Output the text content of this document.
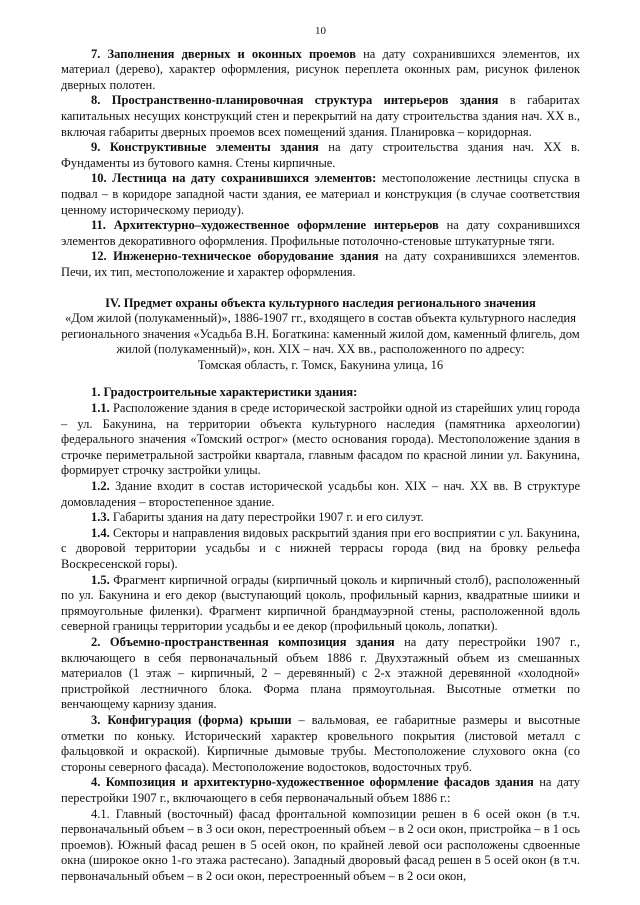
10

7. Заполнения дверных и оконных проемов на дату сохранившихся элементов, их материал (дерево), характер оформления, рисунок переплета оконных рам, рисунок филенок дверных полотен.

8. Пространственно-планировочная структура интерьеров здания в габаритах капитальных несущих конструкций стен и перекрытий на дату строительства здания нач. XX в., включая габариты дверных проемов всех помещений здания. Планировка – коридорная.

9. Конструктивные элементы здания на дату строительства здания нач. XX в. Фундаменты из бутового камня. Стены кирпичные.

10. Лестница на дату сохранившихся элементов: местоположение лестницы спуска в подвал – в коридоре западной части здания, ее материал и конструкция (в случае соответствия ценному историческому периоду).

11. Архитектурно–художественное оформление интерьеров на дату сохранившихся элементов декоративного оформления. Профильные потолочно-стеновые штукатурные тяги.

12. Инженерно-техническое оборудование здания на дату сохранившихся элементов. Печи, их тип, местоположение и характер оформления.

IV. Предмет охраны объекта культурного наследия регионального значения

«Дом жилой (полукаменный)», 1886-1907 гг., входящего в состав объекта культурного наследия регионального значения «Усадьба В.Н. Богаткина: каменный жилой дом, каменный флигель, дом жилой (полукаменный)», кон. XIX – нач. XX вв., расположенного по адресу:

Томская область, г. Томск, Бакунина улица, 16

1. Градостроительные характеристики здания:

1.1. Расположение здания в среде исторической застройки одной из старейших улиц города – ул. Бакунина, на территории объекта культурного наследия (памятника археологии) федерального значения «Томский острог» (место основания города). Местоположение здания в строчке периметральной застройки квартала, главным фасадом по красной линии ул. Бакунина, формирует строчку застройки улицы.

1.2. Здание входит в состав исторической усадьбы кон. XIX – нач. XX вв. В структуре домовладения – второстепенное здание.

1.3. Габариты здания на дату перестройки 1907 г. и его силуэт.

1.4. Секторы и направления видовых раскрытий здания при его восприятии с ул. Бакунина, с дворовой территории усадьбы и с нижней террасы города (вид на бровку рельефа Воскресенской горы).

1.5. Фрагмент кирпичной ограды (кирпичный цоколь и кирпичный столб), расположенный по ул. Бакунина и его декор (выступающий цоколь, профильный карниз, квадратные шиики и прямоугольные филенки). Фрагмент кирпичной брандмауэрной стены, расположенной вдоль северной границы территории усадьбы и ее декор (профильный цоколь, лопатки).

2. Объемно-пространственная композиция здания на дату перестройки 1907 г., включающего в себя первоначальный объем 1886 г. Двухэтажный объем из смешанных материалов (1 этаж – кирпичный, 2 – деревянный) с 2-х этажной деревянной «холодной» пристройкой лестничного блока. Форма плана прямоугольная. Высотные отметки по венчающему карнизу здания.

3. Конфигурация (форма) крыши – вальмовая, ее габаритные размеры и высотные отметки по коньку. Исторический характер кровельного покрытия (листовой металл с фальцовкой и окраской). Кирпичные дымовые трубы. Местоположение слухового окна (со стороны северного фасада). Местоположение водостоков, водосточных труб.

4. Композиция и архитектурно-художественное оформление фасадов здания на дату перестройки 1907 г., включающего в себя первоначальный объем 1886 г.:

4.1. Главный (восточный) фасад фронтальной композиции решен в 6 осей окон (в т.ч. первоначальный объем – в 3 оси окон, перестроенный объем – в 2 оси окон, пристройка – в 1 ось проемов). Южный фасад решен в 5 осей окон, по крайней левой оси расположены сдвоенные окна (широкое окно 1-го этажа растесано). Западный дворовый фасад решен в 5 осей окон (в т.ч. первоначальный объем – в 2 оси окон, перестроенный объем – в 2 оси окон,
